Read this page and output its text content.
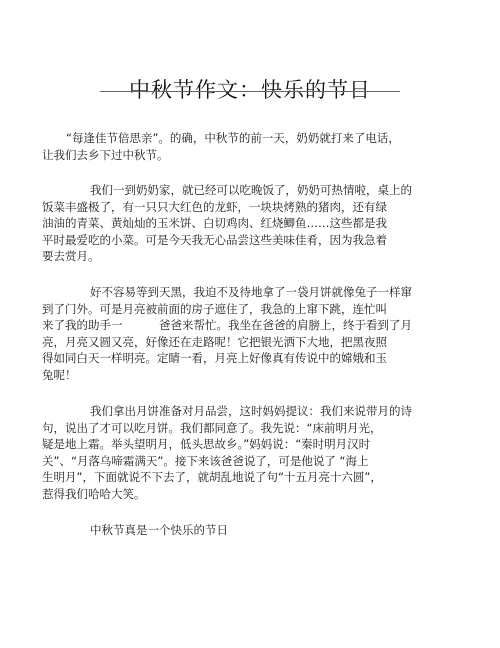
中秋节作文：快乐的节日
“每逢佳节倍思亲”。的确，中秋节的前一天，奶奶就打来了电话，
让我们去乡下过中秋节。
我们一到奶奶家，就已经可以吃晚饭了，奶奶可热情啦，桌上的
饭菜丰盛极了，有一只只大红色的龙虾，一块块烤熟的猪肉，还有绿
油油的青菜、黄灿灿的玉米饼、白切鸡肉、红烧鲫鱼……这些都是我
平时最爱吃的小菜。可是今天我无心品尝这些美味佳肴，因为我急着
要去赏月。
好不容易等到天黑，我迫不及待地拿了一袋月饼就像兔子一样窜
到了门外。可是月亮被前面的房子遮住了，我急的上窜下跳，连忙叫
来了我的助手一          爸爸来帮忙。我坐在爸爸的肩膀上，终于看到了月
亮，月亮又圆又亮，好像还在走路呢！它把银光洒下大地，把黑夜照
得如同白天一样明亮。定睛一看，月亮上好像真有传说中的嫦娥和玉
兔呢！
我们拿出月饼准备对月品尝，这时妈妈提议：我们来说带月的诗
句，说出了才可以吃月饼。我们都同意了。我先说：“床前明月光，
疑是地上霜。举头望明月，低头思故乡。”妈妈说：“秦时明月汉时
关”、“月落乌啼霜满天”。接下来该爸爸说了，可是他说了 “海上
生明月”，下面就说不下去了，就胡乱地说了句“十五月亮十六圆”，
惹得我们哈哈大笑。
中秋节真是一个快乐的节日
